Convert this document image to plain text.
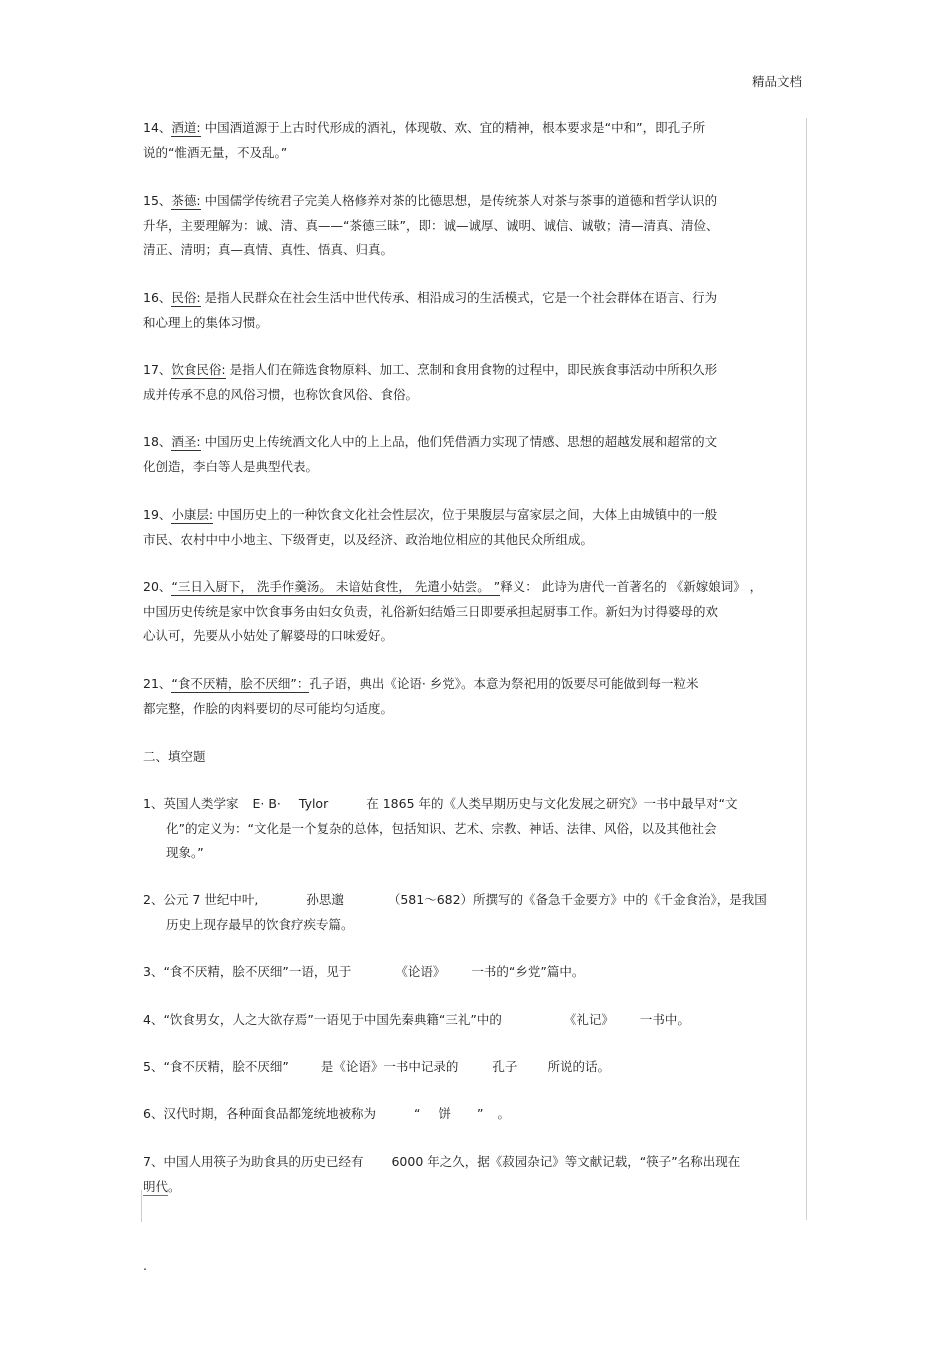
精品文档
14、酒道: 中国酒道源于上古时代形成的酒礼，体现敬、欢、宜的精神，根本要求是“中和”，即孔子所
说的“惟酒无量，不及乱。”
15、茶德: 中国儒学传统君子完美人格修养对茶的比德思想，是传统茶人对茶与茶事的道德和哲学认识的
升华，主要理解为：诚、清、真——“茶德三昧”，即：诚—诚厚、诚明、诚信、诚敬；清—清真、清俭、
清正、清明；真—真情、真性、悟真、归真。
16、民俗: 是指人民群众在社会生活中世代传承、相沿成习的生活模式，它是一个社会群体在语言、行为
和心理上的集体习惯。
17、饮食民俗: 是指人们在筛选食物原料、加工、烹制和食用食物的过程中，即民族食事活动中所积久形
成并传承不息的风俗习惯，也称饮食风俗、食俗。
18、酒圣: 中国历史上传统酒文化人中的上上品，他们凭借酒力实现了情感、思想的超越发展和超常的文
化创造，李白等人是典型代表。
19、小康层: 中国历史上的一种饮食文化社会性层次，位于果腹层与富家层之间，大体上由城镇中的一般
市民、农村中中小地主、下级胥吏，以及经济、政治地位相应的其他民众所组成。
20、“三日入厨下， 洗手作羹汤。 未谙姑食性， 先遣小姑尝。 ”释义： 此诗为唐代一首著名的 《新嫁娘词》 ，
中国历史传统是家中饮食事务由妇女负责，礼俗新妇结婚三日即要承担起厨事工作。新妇为讨得婆母的欢
心认可，先要从小姑处了解婆母的口味爱好。
21、“食不厌精，脍不厌细”：孔子语，典出《论语· 乡党》。本意为祭祀用的饭要尽可能做到每一粒米
都完整，作脍的肉料要切的尽可能均匀适度。
二、填空题
1、英国人类学家 E· B· Tylor	在 1865 年的《人类早期历史与文化发展之研究》一书中最早对“文
化”的定义为：“文化是一个复杂的总体，包括知识、艺术、宗教、神话、法律、风俗，以及其他社会
现象。”
2、公元 7 世纪中叶,	孙思邈	（581～682）所撰写的《备急千金要方》中的《千金食治》，是我国
历史上现存最早的饮食疗疾专篇。
3、“食不厌精，脍不厌细”一语，见于	《论语》 一书的“乡党”篇中。
4、“饮食男女，人之大欲存焉”一语见于中国先秦典籍“三礼”中的	《礼记》 一书中。
5、“食不厌精，脍不厌细”	是《论语》一书中记录的	孔子 所说的话。
6、汉代时期，各种面食品都笼统地被称为	“ 饼 ” 。
7、中国人用筷子为助食具的历史已经有 6000 年之久，据《菽园杂记》等文献记载，“筷子”名称出现在
明代。
.
